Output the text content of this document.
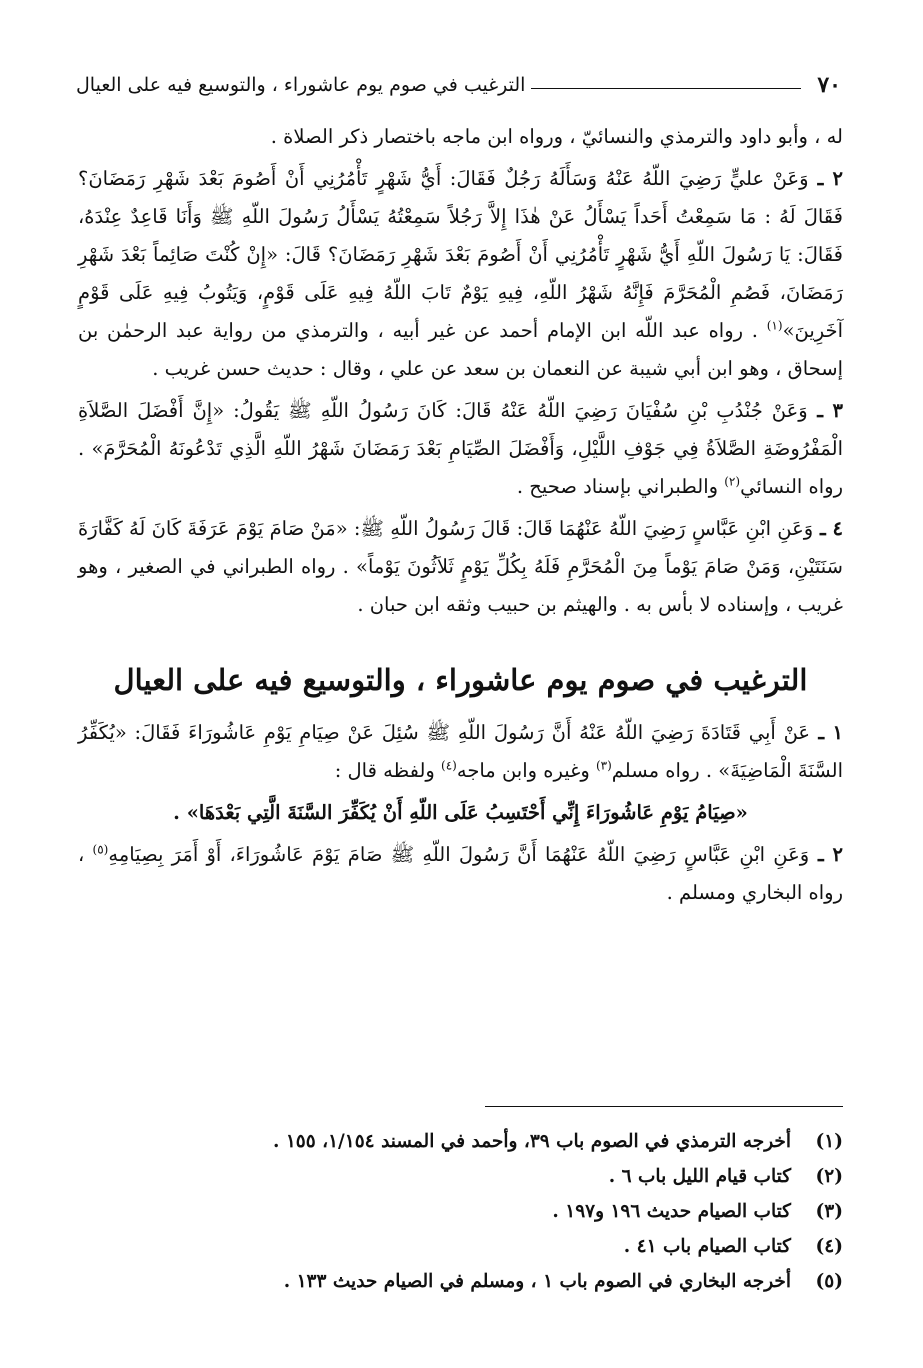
٧٠
الترغيب في صوم يوم عاشوراء ، والتوسيع فيه على العيال

له ، وأبو داود والترمذي والنسائيّ ، ورواه ابن ماجه باختصار ذكر الصلاة .

٢ ـ وَعَنْ عليٍّ رَضِيَ اللّهُ عَنْهُ وَسَأَلَهُ رَجُلٌ فَقَالَ: أَيُّ شَهْرٍ تَأْمُرُنِي أَنْ أَصُومَ بَعْدَ شَهْرِ رَمَضَانَ؟ فَقَالَ لَهُ : مَا سَمِعْتُ أَحَداً يَسْأَلُ عَنْ هٰذَا إِلاَّ رَجُلاً سَمِعْتُهُ يَسْأَلُ رَسُولَ اللّهِ ﷺ وَأَنَا قَاعِدٌ عِنْدَهُ، فَقَالَ: يَا رَسُولَ اللّهِ أَيُّ شَهْرٍ تَأْمُرُنِي أَنْ أَصُومَ بَعْدَ شَهْرِ رَمَضَانَ؟ قَالَ: «إِنْ كُنْتَ صَائِماً بَعْدَ شَهْرِ رَمَضَانَ، فَصُمِ الْمُحَرَّمَ فَإِنَّهُ شَهْرُ اللّهِ، فِيهِ يَوْمٌ تَابَ اللّهُ فِيهِ عَلَى قَوْمٍ، وَيَتُوبُ فِيهِ عَلَى قَوْمٍ آخَرِينَ»$^{(١)}$ . رواه عبد اللّه ابن الإمام أحمد عن غير أبيه ، والترمذي من رواية عبد الرحمٰن بن إسحاق ، وهو ابن أبي شيبة عن النعمان بن سعد عن علي ، وقال : حديث حسن غريب .

٣ ـ وَعَنْ جُنْدُبِ بْنِ سُفْيَانَ رَضِيَ اللّهُ عَنْهُ قَالَ: كَانَ رَسُولُ اللّهِ ﷺ يَقُولُ: «إِنَّ أَفْضَلَ الصَّلاَةِ الْمَفْرُوضَةِ الصَّلاَةُ فِي جَوْفِ اللَّيْلِ، وَأَفْضَلَ الصِّيَامِ بَعْدَ رَمَضَانَ شَهْرُ اللّهِ الَّذِي تَدْعُونَهُ الْمُحَرَّمَ» . رواه النسائي$^{(٢)}$ والطبراني بإسناد صحيح .

٤ ـ وَعَنِ ابْنِ عَبَّاسٍ رَضِيَ اللّهُ عَنْهُمَا قَالَ: قَالَ رَسُولُ اللّهِ ﷺ: «مَنْ صَامَ يَوْمَ عَرَفَةَ كَانَ لَهُ كَفَّارَةَ سَنَتَيْنِ، وَمَنْ صَامَ يَوْماً مِنَ الْمُحَرَّمِ فَلَهُ بِكُلِّ يَوْمٍ ثَلاَثُونَ يَوْماً» . رواه الطبراني في الصغير ، وهو غريب ، وإسناده لا بأس به . والهيثم بن حبيب وثقه ابن حبان .

الترغيب في صوم يوم عاشوراء ، والتوسيع فيه على العيال

١ ـ عَنْ أَبِي قَتَادَةَ رَضِيَ اللّهُ عَنْهُ أَنَّ رَسُولَ اللّهِ ﷺ سُئِلَ عَنْ صِيَامِ يَوْمِ عَاشُورَاءَ فَقَالَ: «يُكَفِّرُ السَّنَةَ الْمَاضِيَةَ» . رواه مسلم$^{(٣)}$ وغيره وابن ماجه$^{(٤)}$ ولفظه قال :

«صِيَامُ يَوْمِ عَاشُورَاءَ إِنِّي أَحْتَسِبُ عَلَى اللّهِ أَنْ يُكَفِّرَ السَّنَةَ الَّتِي بَعْدَهَا» .

٢ ـ وَعَنِ ابْنِ عَبَّاسٍ رَضِيَ اللّهُ عَنْهُمَا أَنَّ رَسُولَ اللّهِ ﷺ صَامَ يَوْمَ عَاشُورَاءَ، أَوْ أَمَرَ بِصِيَامِهِ$^{(٥)}$ ، رواه البخاري ومسلم .

(١)
أخرجه الترمذي في الصوم باب ٣٩، وأحمد في المسند ١/١٥٤، ١٥٥ .
(٢)
كتاب قيام الليل باب ٦ .
(٣)
كتاب الصيام حديث ١٩٦ و١٩٧ .
(٤)
كتاب الصيام باب ٤١ .
(٥)
أخرجه البخاري في الصوم باب ١ ، ومسلم في الصيام حديث ١٣٣ .
